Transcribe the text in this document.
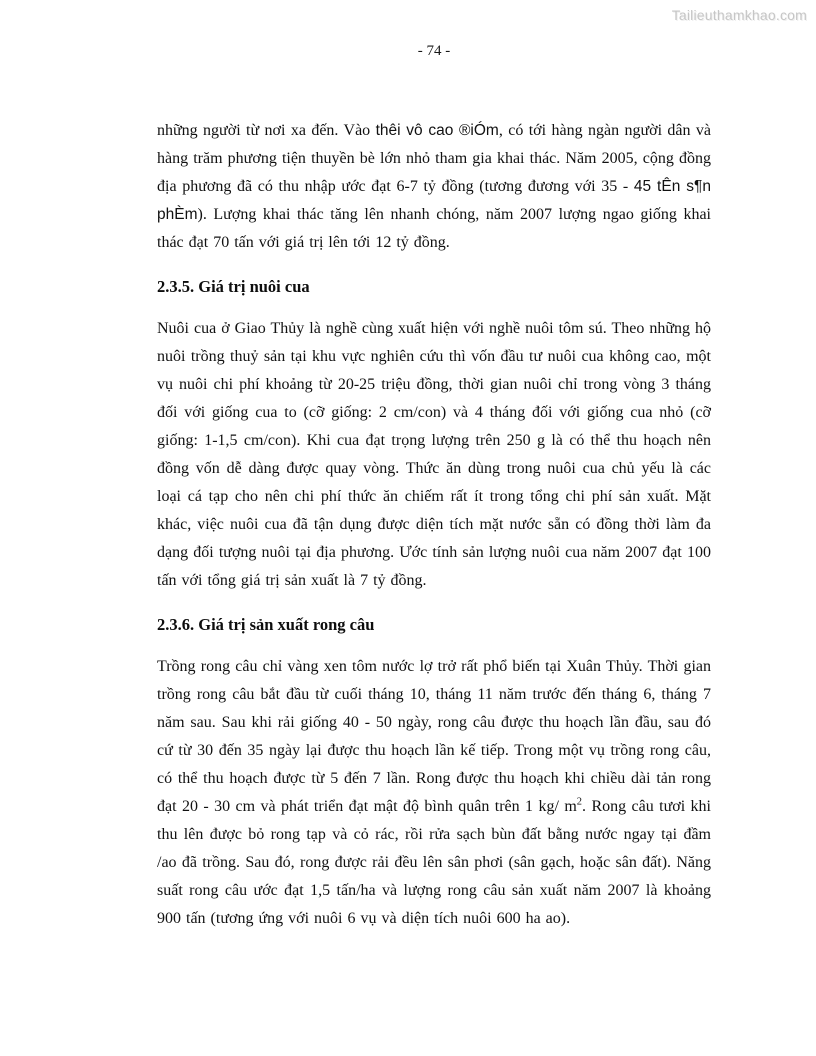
Tailieuthamkhao.com
- 74 -

những người từ nơi xa đến. Vào thêi vô cao ®iÓm, có tới hàng ngàn người dân và hàng trăm phương tiện thuyền bè lớn nhỏ tham gia khai thác. Năm 2005, cộng đồng địa phương đã có thu nhập ước đạt 6-7 tỷ đồng (tương đương với 35 - 45 tÊn s¶n phÈm). Lượng khai thác tăng lên nhanh chóng, năm 2007 lượng ngao giống khai thác đạt 70 tấn với giá trị lên tới 12 tỷ đồng.

2.3.5. Giá trị nuôi cua

Nuôi cua ở Giao Thủy là nghề cùng xuất hiện với nghề nuôi tôm sú. Theo những hộ nuôi trồng thuỷ sản tại khu vực nghiên cứu thì vốn đầu tư nuôi cua không cao, một vụ nuôi chi phí khoảng từ 20-25 triệu đồng, thời gian nuôi chỉ trong vòng 3 tháng đối với giống cua to (cỡ giống: 2 cm/con) và 4 tháng đối với giống cua nhỏ (cỡ giống: 1-1,5 cm/con). Khi cua đạt trọng lượng trên 250 g là có thể thu hoạch nên đồng vốn dễ dàng được quay vòng. Thức ăn dùng trong nuôi cua chủ yếu là các loại cá tạp cho nên chi phí thức ăn chiếm rất ít trong tổng chi phí sản xuất. Mặt khác, việc nuôi cua đã tận dụng được diện tích mặt nước sẵn có đồng thời làm đa dạng đối tượng nuôi tại địa phương. Ước tính sản lượng nuôi cua năm 2007 đạt 100 tấn với tổng giá trị sản xuất là 7 tỷ đồng.

2.3.6. Giá trị sản xuất rong câu

Trồng rong câu chỉ vàng xen tôm nước lợ trở rất phổ biến tại Xuân Thủy. Thời gian trồng rong câu bắt đầu từ cuối tháng 10, tháng 11 năm trước đến tháng 6, tháng 7 năm sau. Sau khi rải giống 40 - 50 ngày, rong câu được thu hoạch lần đầu, sau đó cứ từ 30 đến 35 ngày lại được thu hoạch lần kế tiếp. Trong một vụ trồng rong câu, có thể thu hoạch được từ 5 đến 7 lần. Rong được thu hoạch khi chiều dài tản rong đạt 20 - 30 cm và phát triển đạt mật độ bình quân trên 1 kg/ $m^2$. Rong câu tươi khi thu lên được bỏ rong tạp và cỏ rác, rồi rửa sạch bùn đất bằng nước ngay tại đầm /ao đã trồng. Sau đó, rong được rải đều lên sân phơi (sân gạch, hoặc sân đất). Năng suất rong câu ước đạt 1,5 tấn/ha và lượng rong câu sản xuất năm 2007 là khoảng 900 tấn (tương ứng với nuôi 6 vụ và diện tích nuôi 600 ha ao).
